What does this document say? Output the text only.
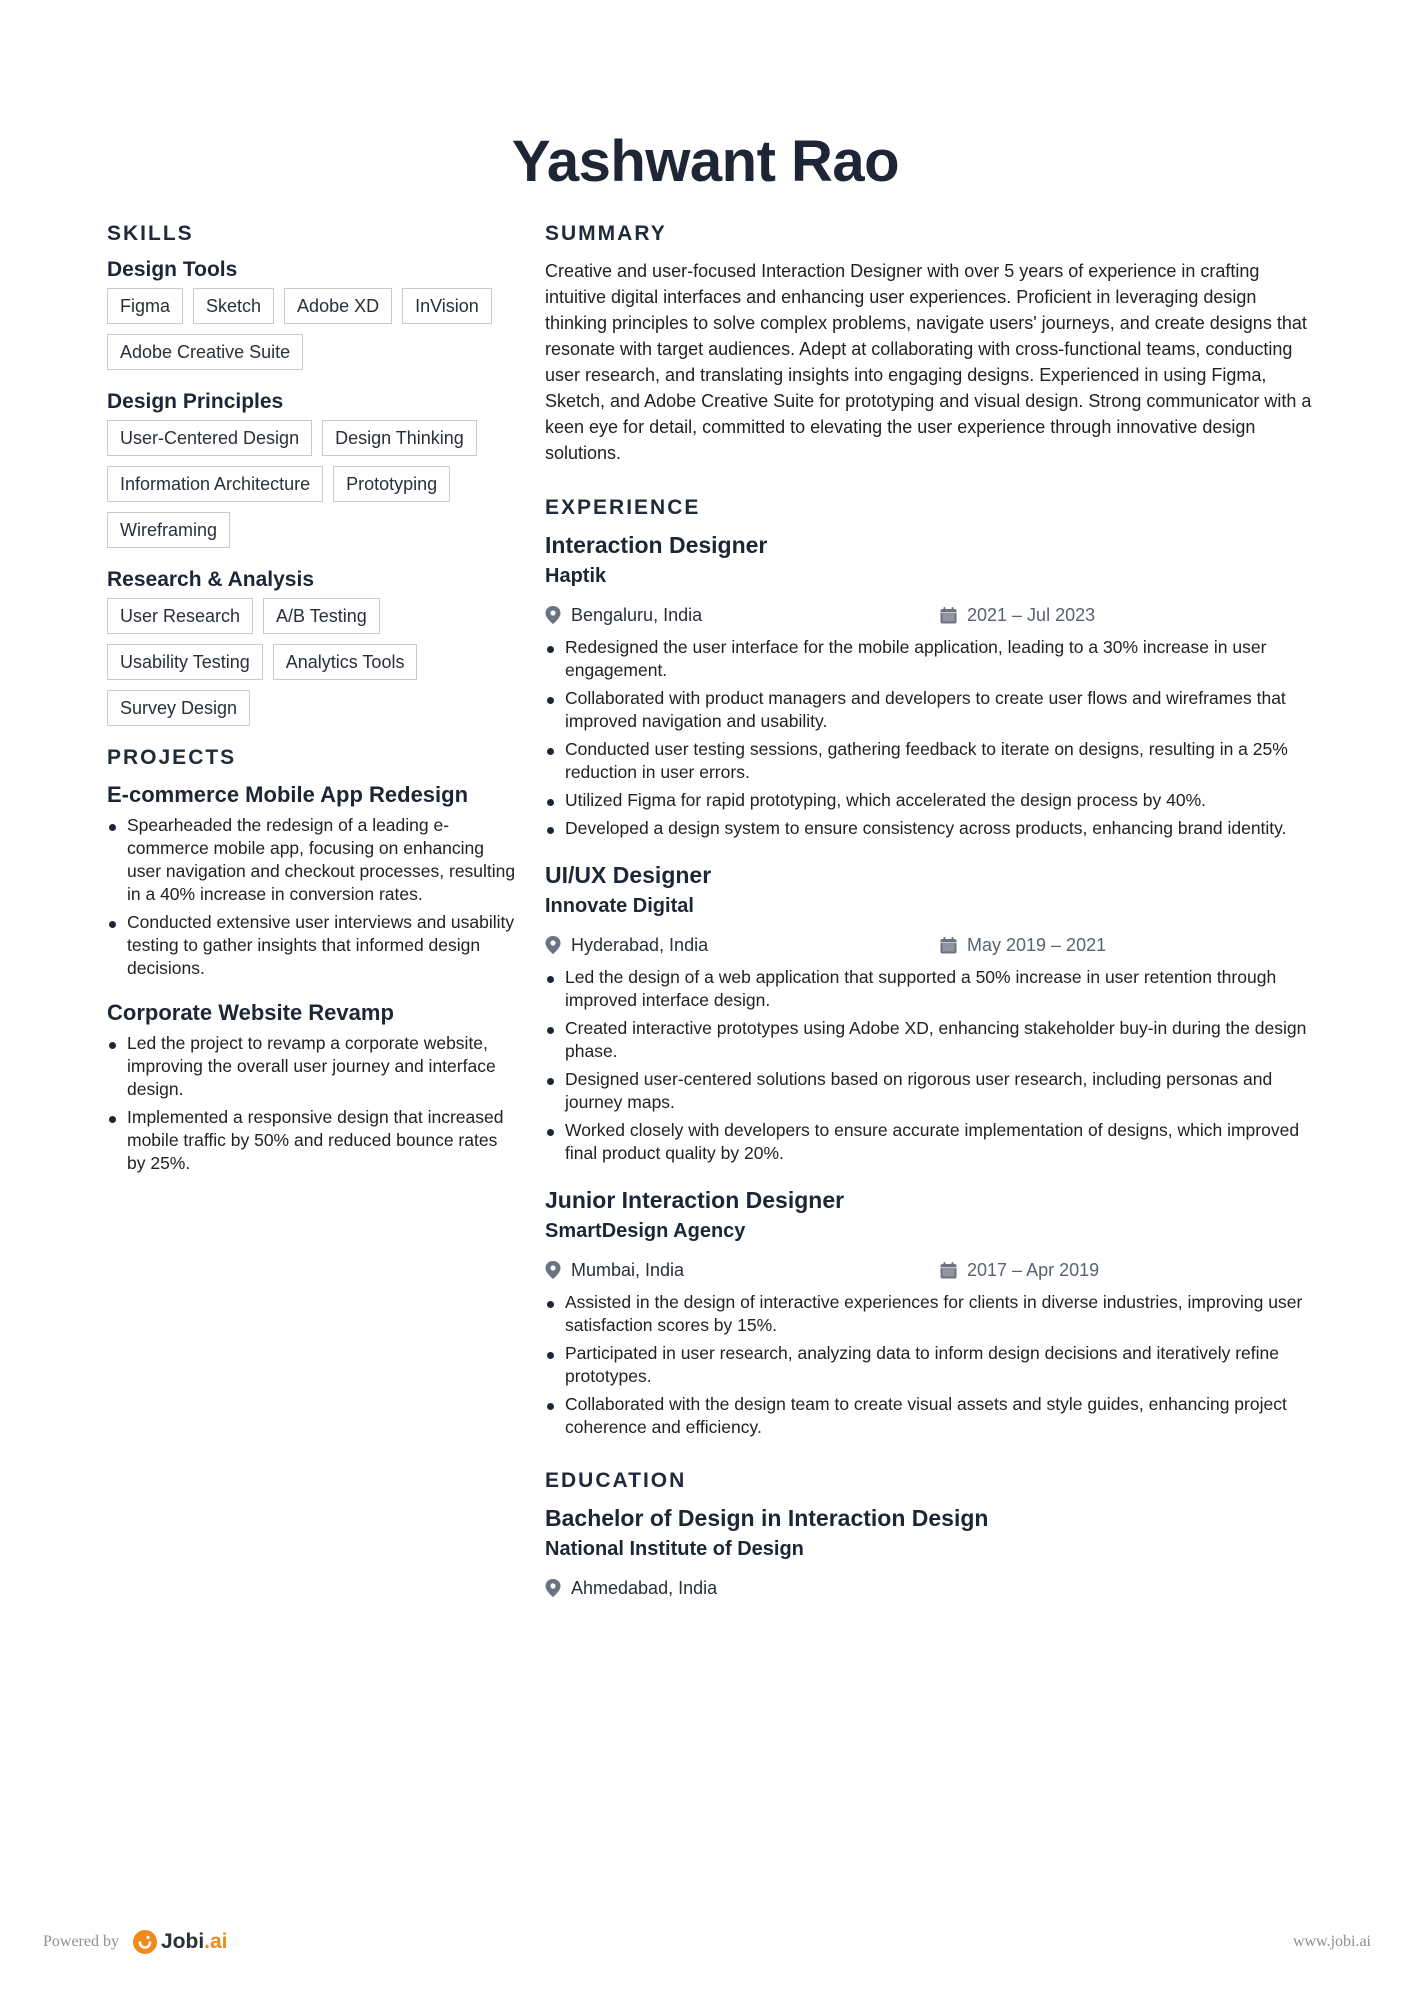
Yashwant Rao
SKILLS
Design Tools
Figma	Sketch	Adobe XD	InVision
Adobe Creative Suite
Design Principles
User-Centered Design	Design Thinking
Information Architecture	Prototyping
Wireframing
Research & Analysis
User Research	A/B Testing
Usability Testing	Analytics Tools
Survey Design
PROJECTS
E-commerce Mobile App Redesign
Spearheaded the redesign of a leading e-commerce mobile app, focusing on enhancing user navigation and checkout processes, resulting in a 40% increase in conversion rates.
Conducted extensive user interviews and usability testing to gather insights that informed design decisions.
Corporate Website Revamp
Led the project to revamp a corporate website, improving the overall user journey and interface design.
Implemented a responsive design that increased mobile traffic by 50% and reduced bounce rates by 25%.
SUMMARY

Creative and user-focused Interaction Designer with over 5 years of experience in crafting intuitive digital interfaces and enhancing user experiences. Proficient in leveraging design thinking principles to solve complex problems, navigate users' journeys, and create designs that resonate with target audiences. Adept at collaborating with cross-functional teams, conducting user research, and translating insights into engaging designs. Experienced in using Figma, Sketch, and Adobe Creative Suite for prototyping and visual design. Strong communicator with a keen eye for detail, committed to elevating the user experience through innovative design solutions.

EXPERIENCE
Interaction Designer
Haptik
Bengaluru, India	2021 – Jul 2023
Redesigned the user interface for the mobile application, leading to a 30% increase in user engagement.
Collaborated with product managers and developers to create user flows and wireframes that improved navigation and usability.
Conducted user testing sessions, gathering feedback to iterate on designs, resulting in a 25% reduction in user errors.
Utilized Figma for rapid prototyping, which accelerated the design process by 40%.
Developed a design system to ensure consistency across products, enhancing brand identity.
UI/UX Designer
Innovate Digital
Hyderabad, India	May 2019 – 2021
Led the design of a web application that supported a 50% increase in user retention through improved interface design.
Created interactive prototypes using Adobe XD, enhancing stakeholder buy-in during the design phase.
Designed user-centered solutions based on rigorous user research, including personas and journey maps.
Worked closely with developers to ensure accurate implementation of designs, which improved final product quality by 20%.
Junior Interaction Designer
SmartDesign Agency
Mumbai, India	2017 – Apr 2019
Assisted in the design of interactive experiences for clients in diverse industries, improving user satisfaction scores by 15%.
Participated in user research, analyzing data to inform design decisions and iteratively refine prototypes.
Collaborated with the design team to create visual assets and style guides, enhancing project coherence and efficiency.
EDUCATION
Bachelor of Design in Interaction Design
National Institute of Design
Ahmedabad, India
Powered by Jobi.ai	www.jobi.ai
